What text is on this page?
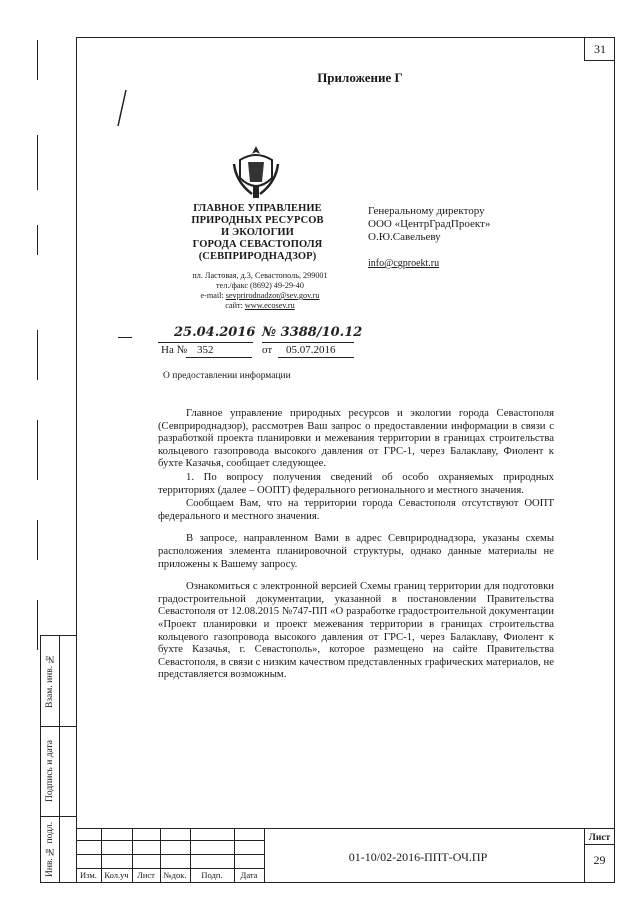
31
Приложение Г
ГЛАВНОЕ УПРАВЛЕНИЕ
ПРИРОДНЫХ РЕСУРСОВ
И ЭКОЛОГИИ
ГОРОДА СЕВАСТОПОЛЯ
(СЕВПРИРОДНАДЗОР)
пл. Ластовая, д.3, Севастополь, 299001
тел./факс (8692) 49-29-40
e-mail: sevprirodnadzor@sev.gov.ru
сайт: www.ecosev.ru
Генеральному директору
ООО «ЦентрГрадПроект»
О.Ю.Савельеву
info@cgproekt.ru
25.04.2016 № 3388/10.12
На № 352	от 05.07.2016
О предоставлении информации

Главное управление природных ресурсов и экологии города Севастополя (Севприроднадзор), рассмотрев Ваш запрос о предоставлении информации в связи с разработкой проекта планировки и межевания территории в границах строительства кольцевого газопровода высокого давления от ГРС-1, через Балаклаву, Фиолент к бухте Казачья, сообщает следующее.

1. По вопросу получения сведений об особо охраняемых природных территориях (далее – ООПТ) федерального регионального и местного значения.

Сообщаем Вам, что на территории города Севастополя отсутствуют ООПТ федерального и местного значения.

В запросе, направленном Вами в адрес Севприроднадзора, указаны схемы расположения элемента планировочной структуры, однако данные материалы не приложены к Вашему запросу.

Ознакомиться с электронной версией Схемы границ территории для подготовки градостроительной документации, указанной в постановлении Правительства Севастополя от 12.08.2015 №747-ПП «О разработке градостроительной документации «Проект планировки и проект межевания территории в границах строительства кольцевого газопровода высокого давления от ГРС-1, через Балаклаву, Фиолент к бухте Казачья, г. Севастополь», которое размещено на сайте Правительства Севастополя, в связи с низким качеством представленных графических материалов, не представляется возможным.

Взам. инв. №
Подпись и дата
Инв. № подл.	Изм. Кол.уч Лист	№док.	Подп.	Дата
01-10/02-2016-ППТ-ОЧ.ПР
Лист
29
